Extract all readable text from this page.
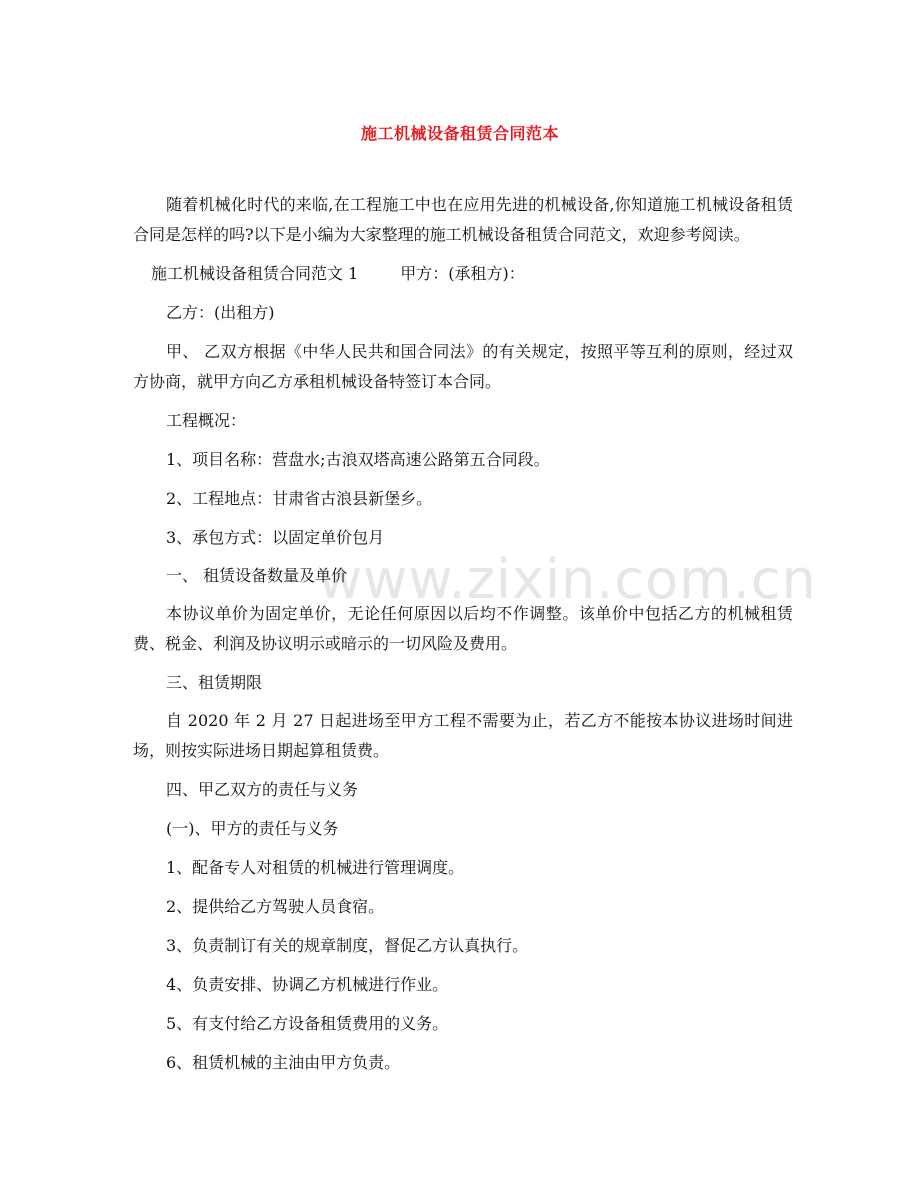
施工机械设备租赁合同范本
www.zixin.com.cn

随着机械化时代的来临,在工程施工中也在应用先进的机械设备,你知道施工机械设备租赁合同是怎样的吗?以下是小编为大家整理的施工机械设备租赁合同范文，欢迎参考阅读。

施工机械设备租赁合同范文 1	甲方：(承租方)：

乙方：(出租方)

甲、 乙双方根据《中华人民共和国合同法》的有关规定，按照平等互利的原则，经过双方协商，就甲方向乙方承租机械设备特签订本合同。

工程概况：

1、项目名称：营盘水;古浪双塔高速公路第五合同段。

2、工程地点：甘肃省古浪县新堡乡。

3、承包方式：以固定单价包月

一、 租赁设备数量及单价

本协议单价为固定单价，无论任何原因以后均不作调整。该单价中包括乙方的机械租赁费、税金、利润及协议明示或暗示的一切风险及费用。

三、租赁期限

自 2020 年 2 月 27 日起进场至甲方工程不需要为止，若乙方不能按本协议进场时间进场，则按实际进场日期起算租赁费。

四、甲乙双方的责任与义务

(一)、甲方的责任与义务

1、配备专人对租赁的机械进行管理调度。

2、提供给乙方驾驶人员食宿。

3、负责制订有关的规章制度，督促乙方认真执行。

4、负责安排、协调乙方机械进行作业。

5、有支付给乙方设备租赁费用的义务。

6、租赁机械的主油由甲方负责。
